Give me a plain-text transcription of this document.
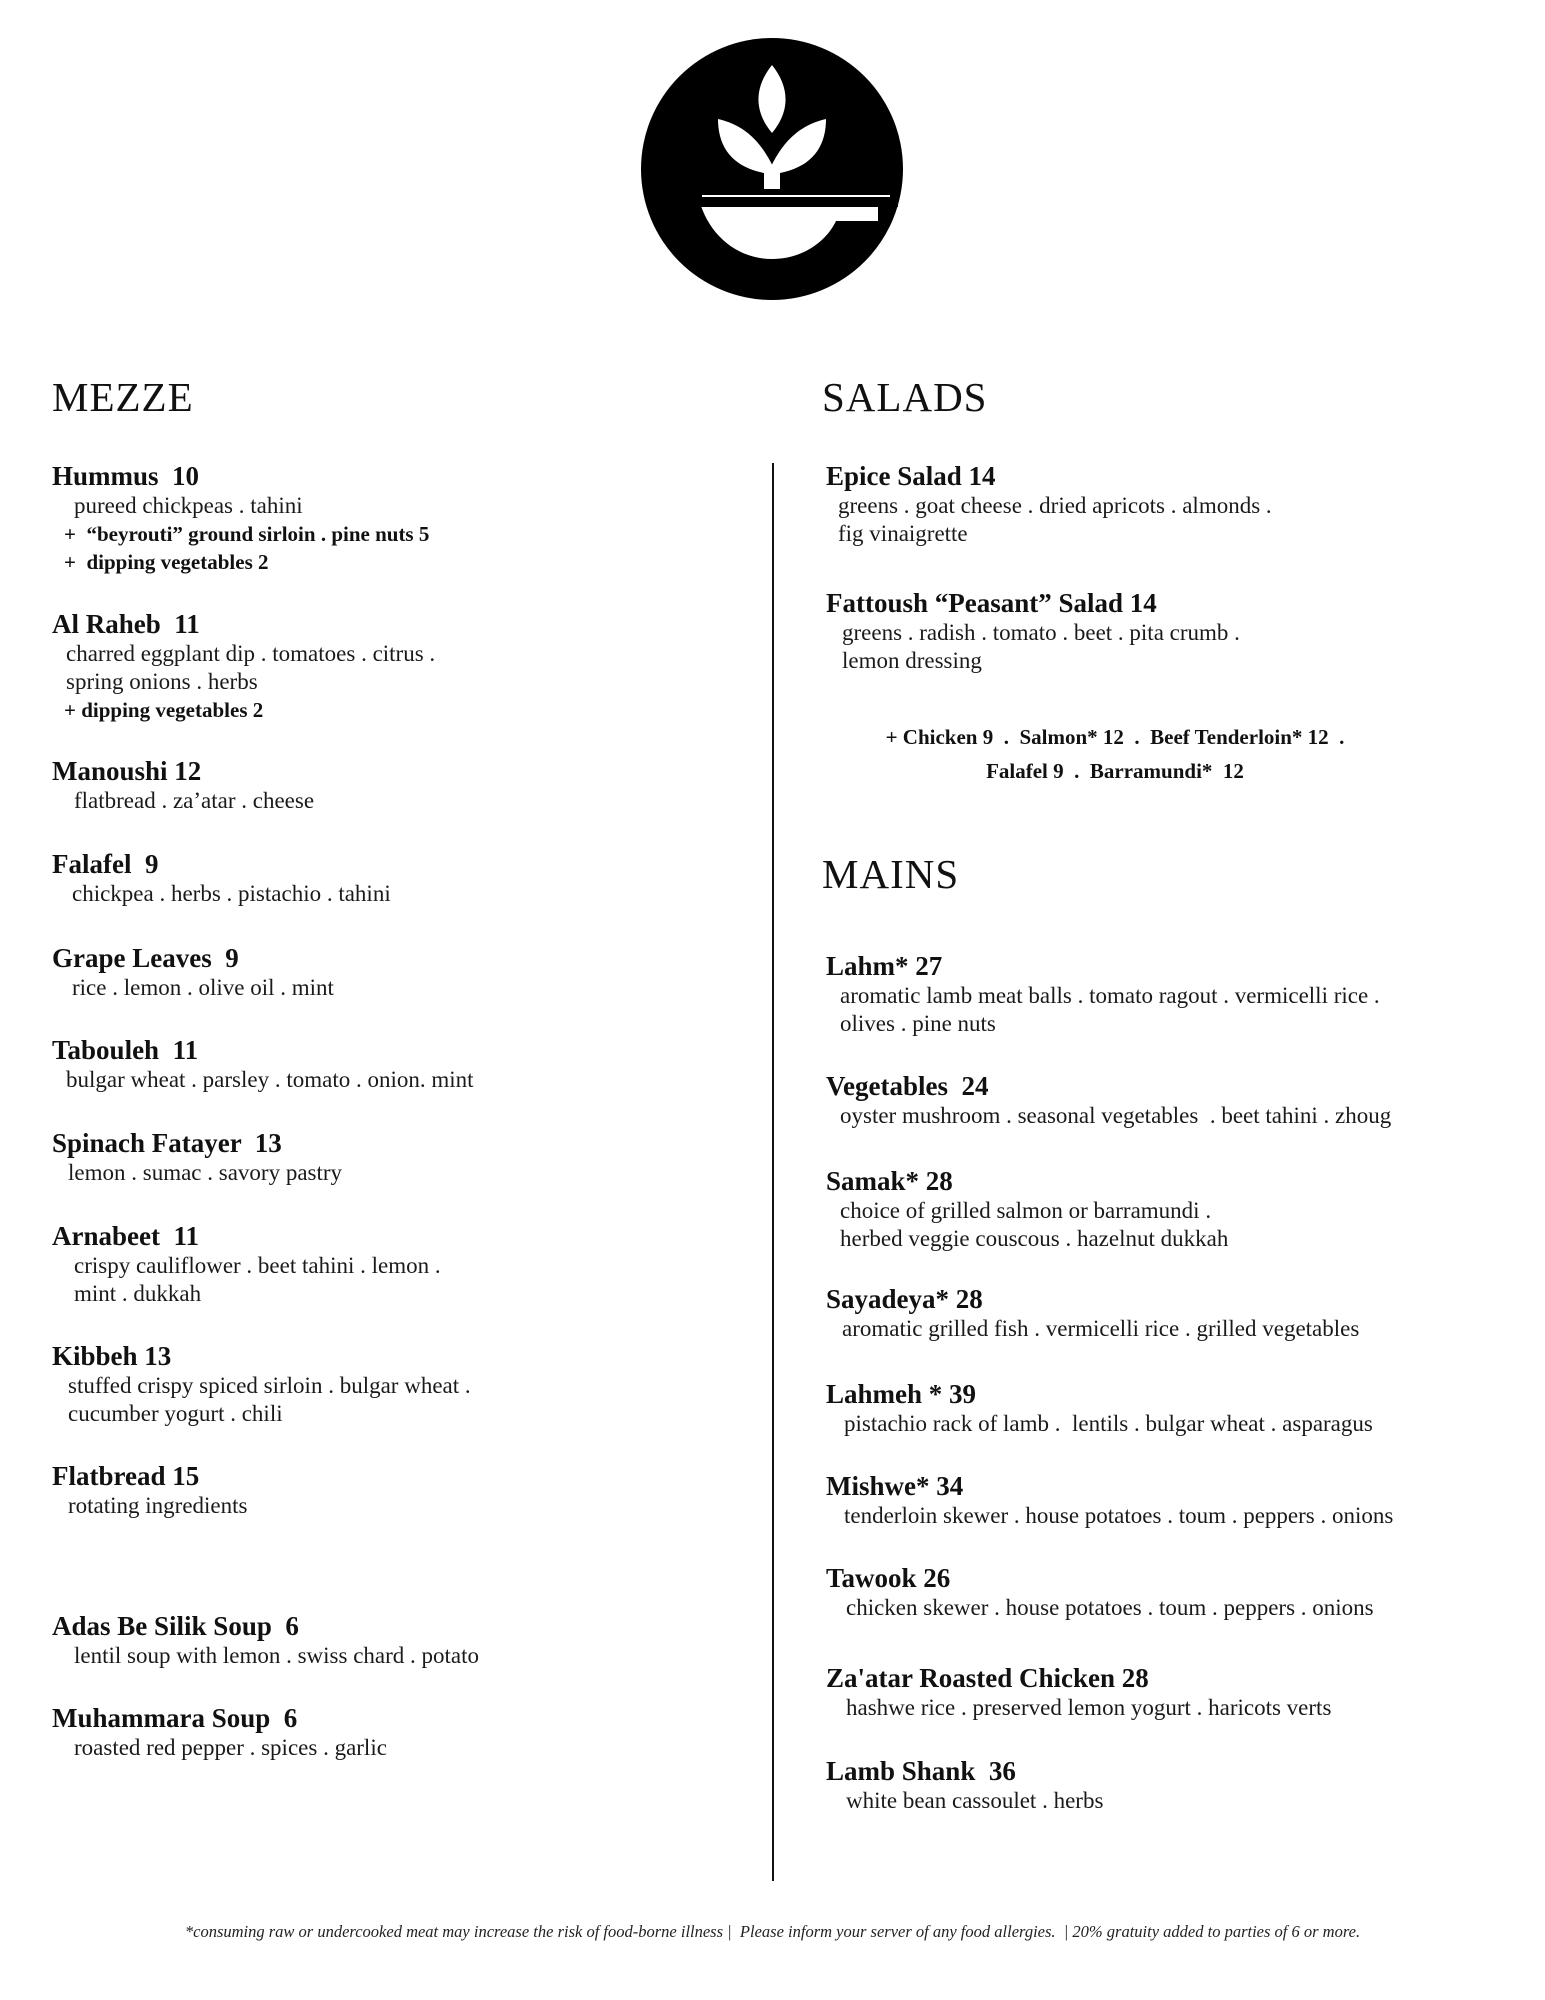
MEZZE
Hummus  10
pureed chickpeas . tahini
+  “beyrouti” ground sirloin . pine nuts 5
+  dipping vegetables 2
Al Raheb  11
charred eggplant dip . tomatoes . citrus .
spring onions . herbs
+ dipping vegetables 2
Manoushi 12
flatbread . za’atar . cheese
Falafel  9
chickpea . herbs . pistachio . tahini
Grape Leaves  9
rice . lemon . olive oil . mint
Tabouleh  11
bulgar wheat . parsley . tomato . onion. mint
Spinach Fatayer  13
lemon . sumac . savory pastry
Arnabeet  11
crispy cauliflower . beet tahini . lemon .
mint . dukkah
Kibbeh 13
stuffed crispy spiced sirloin . bulgar wheat .
cucumber yogurt . chili
Flatbread 15
rotating ingredients
Adas Be Silik Soup  6
lentil soup with lemon . swiss chard . potato
Muhammara Soup  6
roasted red pepper . spices . garlic
SALADS
Epice Salad 14
greens . goat cheese . dried apricots . almonds .
fig vinaigrette
Fattoush “Peasant” Salad 14
greens . radish . tomato . beet . pita crumb .
lemon dressing
+ Chicken 9  .  Salmon* 12  .  Beef Tenderloin* 12  .
Falafel 9  .  Barramundi*  12
MAINS
Lahm* 27
aromatic lamb meat balls . tomato ragout . vermicelli rice .
olives . pine nuts
Vegetables  24
oyster mushroom . seasonal vegetables  . beet tahini . zhoug
Samak* 28
choice of grilled salmon or barramundi .
herbed veggie couscous . hazelnut dukkah
Sayadeya* 28
aromatic grilled fish . vermicelli rice . grilled vegetables
Lahmeh * 39
pistachio rack of lamb .  lentils . bulgar wheat . asparagus
Mishwe* 34
tenderloin skewer . house potatoes . toum . peppers . onions
Tawook 26
chicken skewer . house potatoes . toum . peppers . onions
Za'atar Roasted Chicken 28
hashwe rice . preserved lemon yogurt . haricots verts
Lamb Shank  36
white bean cassoulet . herbs
*consuming raw or undercooked meat may increase the risk of food-borne illness |  Please inform your server of any food allergies.  | 20% gratuity added to parties of 6 or more.
